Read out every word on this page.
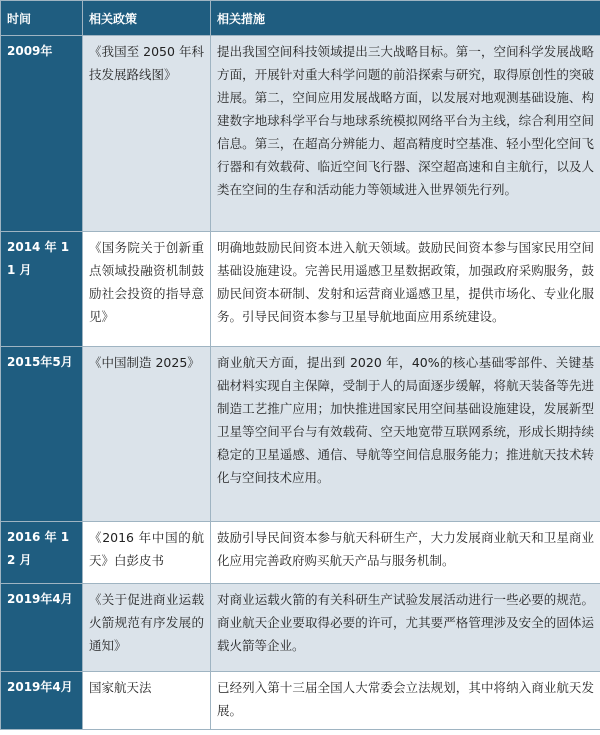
时间	相关政策	相关措施
2009年	《我国至 2050 年科技发展路线图》	提出我国空间科技领域提出三大战略目标。第一，空间科学发展战略方面，开展针对重大科学问题的前沿探索与研究，取得原创性的突破进展。第二，空间应用发展战略方面，以发展对地观测基础设施、构建数字地球科学平台与地球系统模拟网络平台为主线，综合利用空间信息。第三，在超高分辨能力、超高精度时空基准、轻小型化空间飞行器和有效载荷、临近空间飞行器、深空超高速和自主航行，以及人类在空间的生存和活动能力等领域进入世界领先行列。
2014 年 11 月	《国务院关于创新重点领域投融资机制鼓励社会投资的指导意见》	明确地鼓励民间资本进入航天领域。鼓励民间资本参与国家民用空间基础设施建设。完善民用遥感卫星数据政策，加强政府采购服务，鼓励民间资本研制、发射和运营商业遥感卫星，提供市场化、专业化服务。引导民间资本参与卫星导航地面应用系统建设。
2015年5月	《中国制造 2025》	商业航天方面，提出到 2020 年，40%的核心基础零部件、关键基础材料实现自主保障，受制于人的局面逐步缓解，将航天装备等先进制造工艺推广应用；加快推进国家民用空间基础设施建设，发展新型卫星等空间平台与有效载荷、空天地宽带互联网系统，形成长期持续稳定的卫星遥感、通信、导航等空间信息服务能力；推进航天技术转化与空间技术应用。
2016 年 12 月	《2016 年中国的航天》白彭皮书	鼓励引导民间资本参与航天科研生产，大力发展商业航天和卫星商业化应用完善政府购买航天产品与服务机制。
2019年4月	《关于促进商业运载火箭规范有序发展的通知》	对商业运载火箭的有关科研生产试验发展活动进行一些必要的规范。商业航天企业要取得必要的许可，尤其要严格管理涉及安全的固体运载火箭等企业。
2019年4月	国家航天法	已经列入第十三届全国人大常委会立法规划，其中将纳入商业航天发展。
